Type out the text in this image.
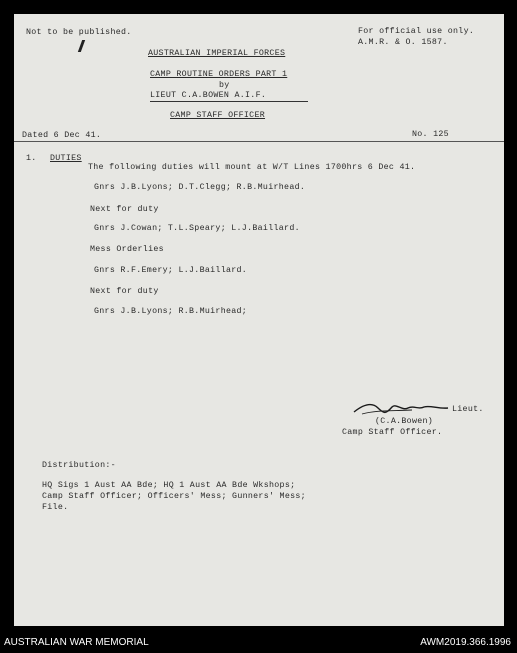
Not to be published.	For official use only.
A.M.R. & O. 1587.
AUSTRALIAN IMPERIAL FORCES
CAMP ROUTINE ORDERS PART 1
by
LIEUT C.A.BOWEN A.I.F.
CAMP STAFF OFFICER
Dated 6 Dec 41.	No. 125
1. DUTIES
The following duties will mount at W/T Lines 1700hrs 6 Dec 41.
Gnrs J.B.Lyons; D.T.Clegg; R.B.Muirhead.
Next for duty
Gnrs J.Cowan; T.L.Speary; L.J.Baillard.
Mess Orderlies
Gnrs R.F.Emery; L.J.Baillard.
Next for duty
Gnrs J.B.Lyons; R.B.Muirhead;
Lieut.
(C.A.Bowen)
Camp Staff Officer.
Distribution:-
HQ Sigs 1 Aust AA Bde; HQ 1 Aust AA Bde Wkshops;
Camp Staff Officer; Officers' Mess; Gunners' Mess;
File.
AUSTRALIAN WAR MEMORIAL	AWM2019.366.1996
